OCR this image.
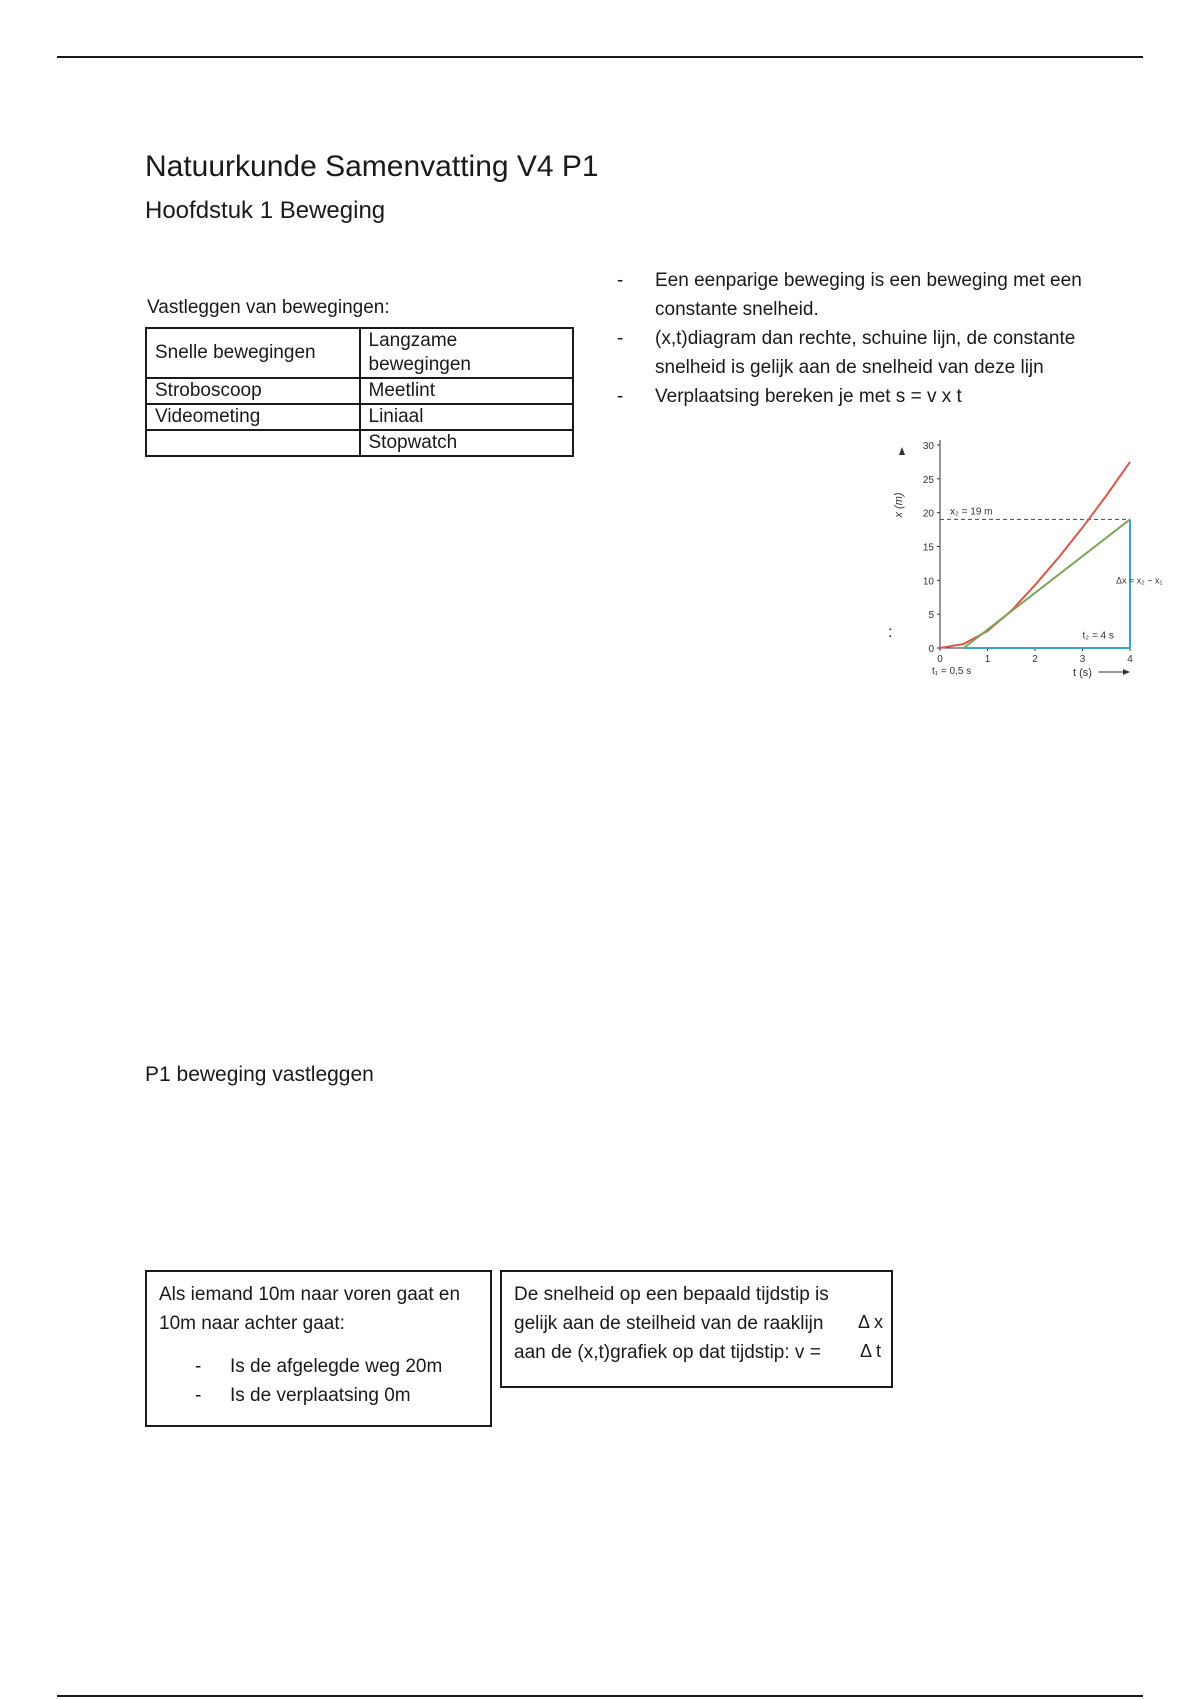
Natuurkunde Samenvatting V4 P1
Hoofdstuk 1 Beweging
Vastleggen van bewegingen:
Snelle bewegingen	Langzame bewegingen
Stroboscoop	Meetlint
Videometing	Liniaal
	Stopwatch
- Een eenparige beweging is een beweging met een constante snelheid.
- (x,t)diagram dan rechte, schuine lijn, de constante snelheid is gelijk aan de snelheid van deze lijn
- Verplaatsing bereken je met s = v x t
:
x (m)
0
5
10
15
20
25
30
0	1	2	3	4
t (s)
x₂ = 19 m
Δx = x₂ − x₁
t₂ = 4 s
t₁ = 0,5 s
P1 beweging vastleggen
Als iemand 10m naar voren gaat en 10m naar achter gaat:
- Is de afgelegde weg 20m
- Is de verplaatsing 0m
De snelheid op een bepaald tijdstip is gelijk aan de steilheid van de raaklijn aan de (x,t)grafiek op dat tijdstip: v =
Δ x
Δ t
